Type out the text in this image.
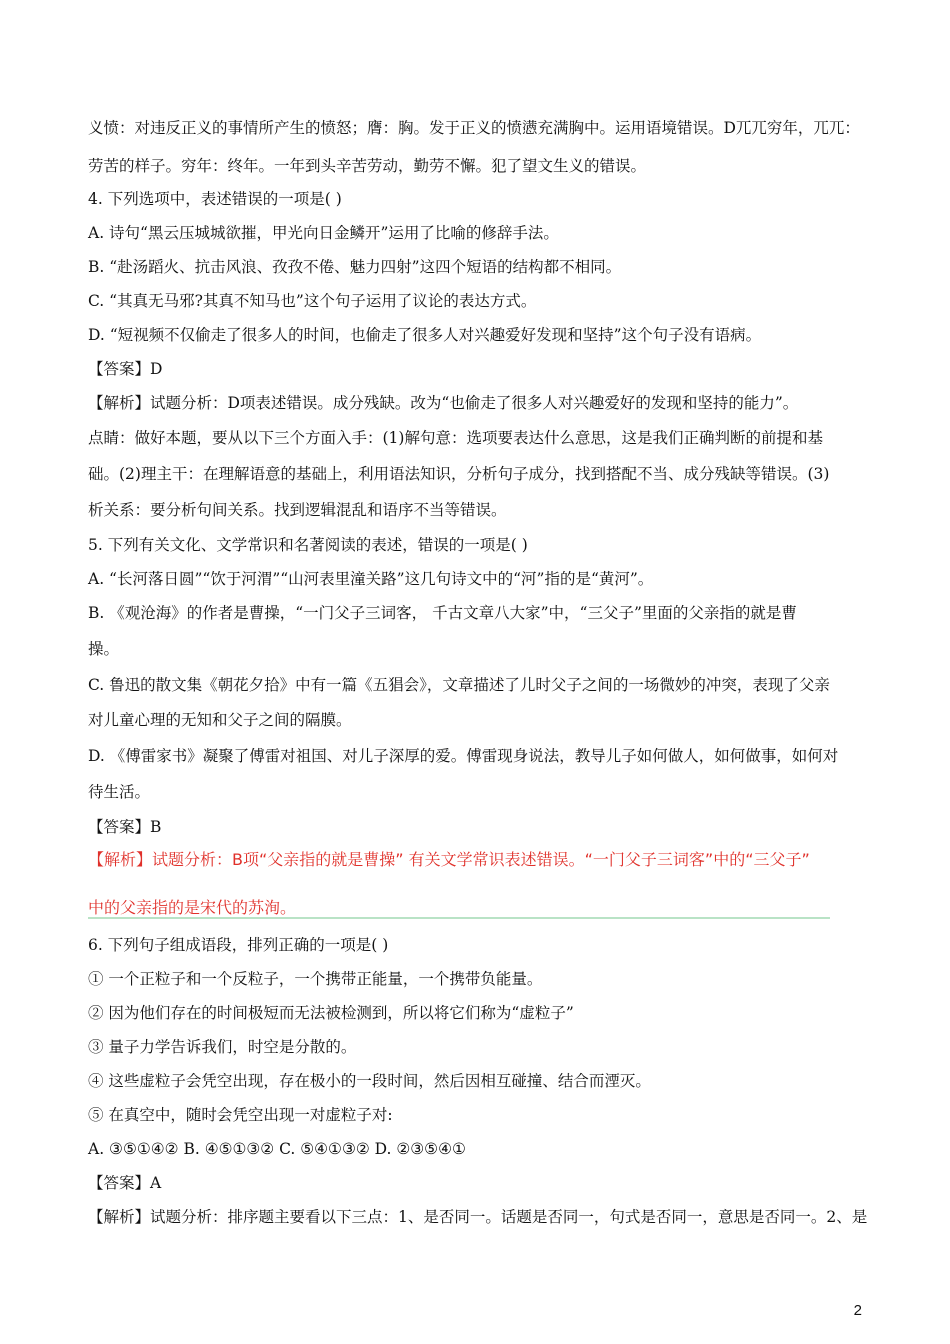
义愤：对违反正义的事情所产生的愤怒；膺：胸。发于正义的愤懑充满胸中。运用语境错误。D兀兀穷年，兀兀：
劳苦的样子。穷年：终年。一年到头辛苦劳动，勤劳不懈。犯了望文生义的错误。
4. 下列选项中，表述错误的一项是( )
A. 诗句“黑云压城城欲摧，甲光向日金鳞开”运用了比喻的修辞手法。
B. “赴汤蹈火、抗击风浪、孜孜不倦、魅力四射”这四个短语的结构都不相同。
C. “其真无马邪?其真不知马也”这个句子运用了议论的表达方式。
D. “短视频不仅偷走了很多人的时间，也偷走了很多人对兴趣爱好发现和坚持”这个句子没有语病。
【答案】D
【解析】试题分析：D项表述错误。成分残缺。改为“也偷走了很多人对兴趣爱好的发现和坚持的能力”。
点睛：做好本题，要从以下三个方面入手：(1)解句意：选项要表达什么意思，这是我们正确判断的前提和基
础。(2)理主干：在理解语意的基础上，利用语法知识，分析句子成分，找到搭配不当、成分残缺等错误。(3)
析关系：要分析句间关系。找到逻辑混乱和语序不当等错误。
5. 下列有关文化、文学常识和名著阅读的表述，错误的一项是( )
A. “长河落日圆”“饮于河渭”“山河表里潼关路”这几句诗文中的“河”指的是“黄河”。
B. 《观沧海》的作者是曹操，“一门父子三词客， 千古文章八大家”中，“三父子”里面的父亲指的就是曹
操。
C. 鲁迅的散文集《朝花夕拾》中有一篇《五猖会》，文章描述了儿时父子之间的一场微妙的冲突，表现了父亲
对儿童心理的无知和父子之间的隔膜。
D. 《傅雷家书》凝聚了傅雷对祖国、对儿子深厚的爱。傅雷现身说法，教导儿子如何做人，如何做事，如何对
待生活。
【答案】B
【解析】试题分析：B项“父亲指的就是曹操” 有关文学常识表述错误。“一门父子三词客”中的“三父子”
中的父亲指的是宋代的苏洵。
6. 下列句子组成语段，排列正确的一项是( )
① 一个正粒子和一个反粒子，一个携带正能量，一个携带负能量。
② 因为他们存在的时间极短而无法被检测到，所以将它们称为“虚粒子”
③ 量子力学告诉我们，时空是分散的。
④ 这些虚粒子会凭空出现，存在极小的一段时间，然后因相互碰撞、结合而湮灭。
⑤ 在真空中，随时会凭空出现一对虚粒子对:
A. ③⑤①④② B. ④⑤①③② C. ⑤④①③② D. ②③⑤④①
【答案】A
【解析】试题分析：排序题主要看以下三点：1、是否同一。话题是否同一，句式是否同一，意思是否同一。2、是
2
